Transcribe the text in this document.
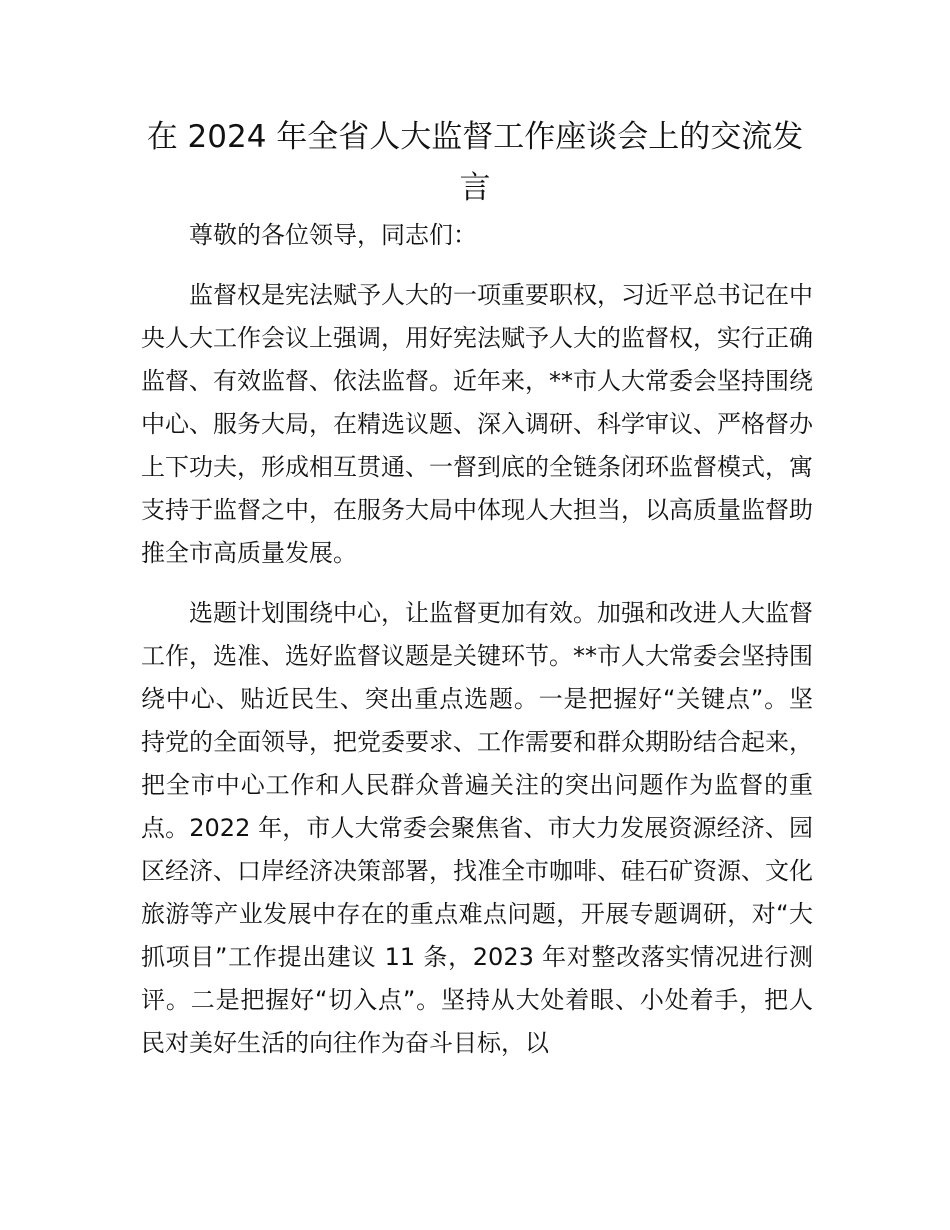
在 2024 年全省人大监督工作座谈会上的交流发言

尊敬的各位领导，同志们：

监督权是宪法赋予人大的一项重要职权，习近平总书记在中央人大工作会议上强调，用好宪法赋予人大的监督权，实行正确监督、有效监督、依法监督。近年来，**市人大常委会坚持围绕中心、服务大局，在精选议题、深入调研、科学审议、严格督办上下功夫，形成相互贯通、一督到底的全链条闭环监督模式，寓支持于监督之中，在服务大局中体现人大担当，以高质量监督助推全市高质量发展。

选题计划围绕中心，让监督更加有效。加强和改进人大监督工作，选准、选好监督议题是关键环节。**市人大常委会坚持围绕中心、贴近民生、突出重点选题。一是把握好“关键点”。坚持党的全面领导，把党委要求、工作需要和群众期盼结合起来，把全市中心工作和人民群众普遍关注的突出问题作为监督的重点。2022 年，市人大常委会聚焦省、市大力发展资源经济、园区经济、口岸经济决策部署，找准全市咖啡、硅石矿资源、文化旅游等产业发展中存在的重点难点问题，开展专题调研，对“大抓项目”工作提出建议 11 条，2023 年对整改落实情况进行测评。二是把握好“切入点”。坚持从大处着眼、小处着手，把人民对美好生活的向往作为奋斗目标，以
